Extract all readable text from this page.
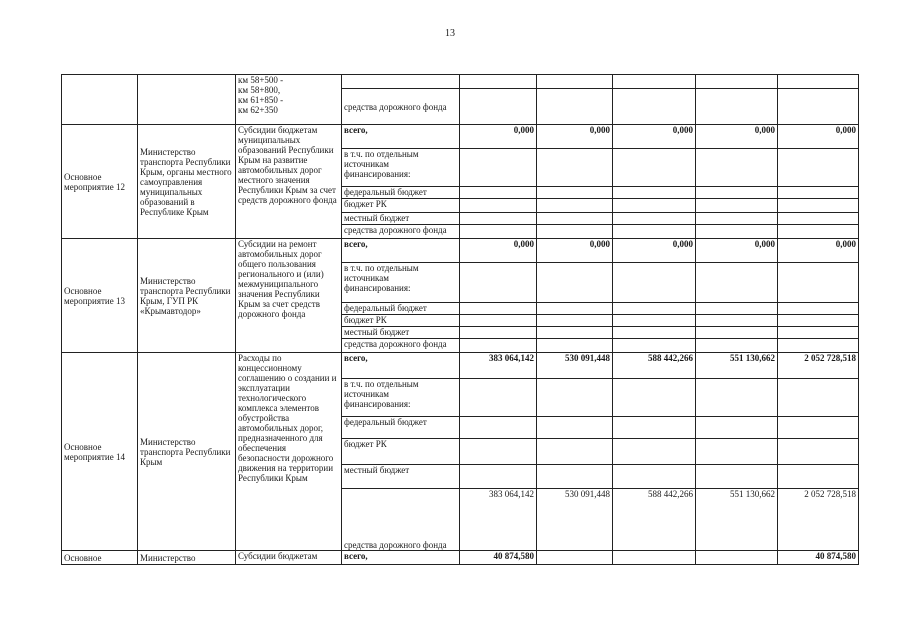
13
		км 58+500 -
км 58+800,
км 61+850 -
км 62+350						
			средства дорожного фонда					
Основное мероприятие 12	Министерство транспорта Республики Крым, органы местного самоуправления муниципальных образований в Республике Крым	Субсидии бюджетам муниципальных образований Республики Крым на развитие автомобильных дорог местного значения Республики Крым за счет средств дорожного фонда	всего,	0,000	0,000	0,000	0,000	0,000
			в т.ч. по отдельным источникам финансирования:					
			федеральный бюджет					
			бюджет РК					
			местный бюджет					
			средства дорожного фонда					
Основное мероприятие 13	Министерство транспорта Республики Крым, ГУП РК «Крымавтодор»	Субсидии на ремонт автомобильных дорог общего пользования регионального и (или) межмуниципального значения Республики Крым за счет средств дорожного фонда	всего,	0,000	0,000	0,000	0,000	0,000
			в т.ч. по отдельным источникам финансирования:					
			федеральный бюджет					
			бюджет РК					
			местный бюджет					
			средства дорожного фонда					
Основное мероприятие 14	Министерство транспорта Республики Крым	Расходы по концессионному соглашению о создании и эксплуатации технологического комплекса элементов обустройства автомобильных дорог, предназначенного для обеспечения безопасности дорожного движения на территории Республики Крым	всего,	383 064,142	530 091,448	588 442,266	551 130,662	2 052 728,518
			в т.ч. по отдельным источникам финансирования:					
			федеральный бюджет					
			бюджет РК					
			местный бюджет					
			средства дорожного фонда	383 064,142	530 091,448	588 442,266	551 130,662	2 052 728,518
Основное	Министерство	Субсидии бюджетам	всего,	40 874,580				40 874,580
